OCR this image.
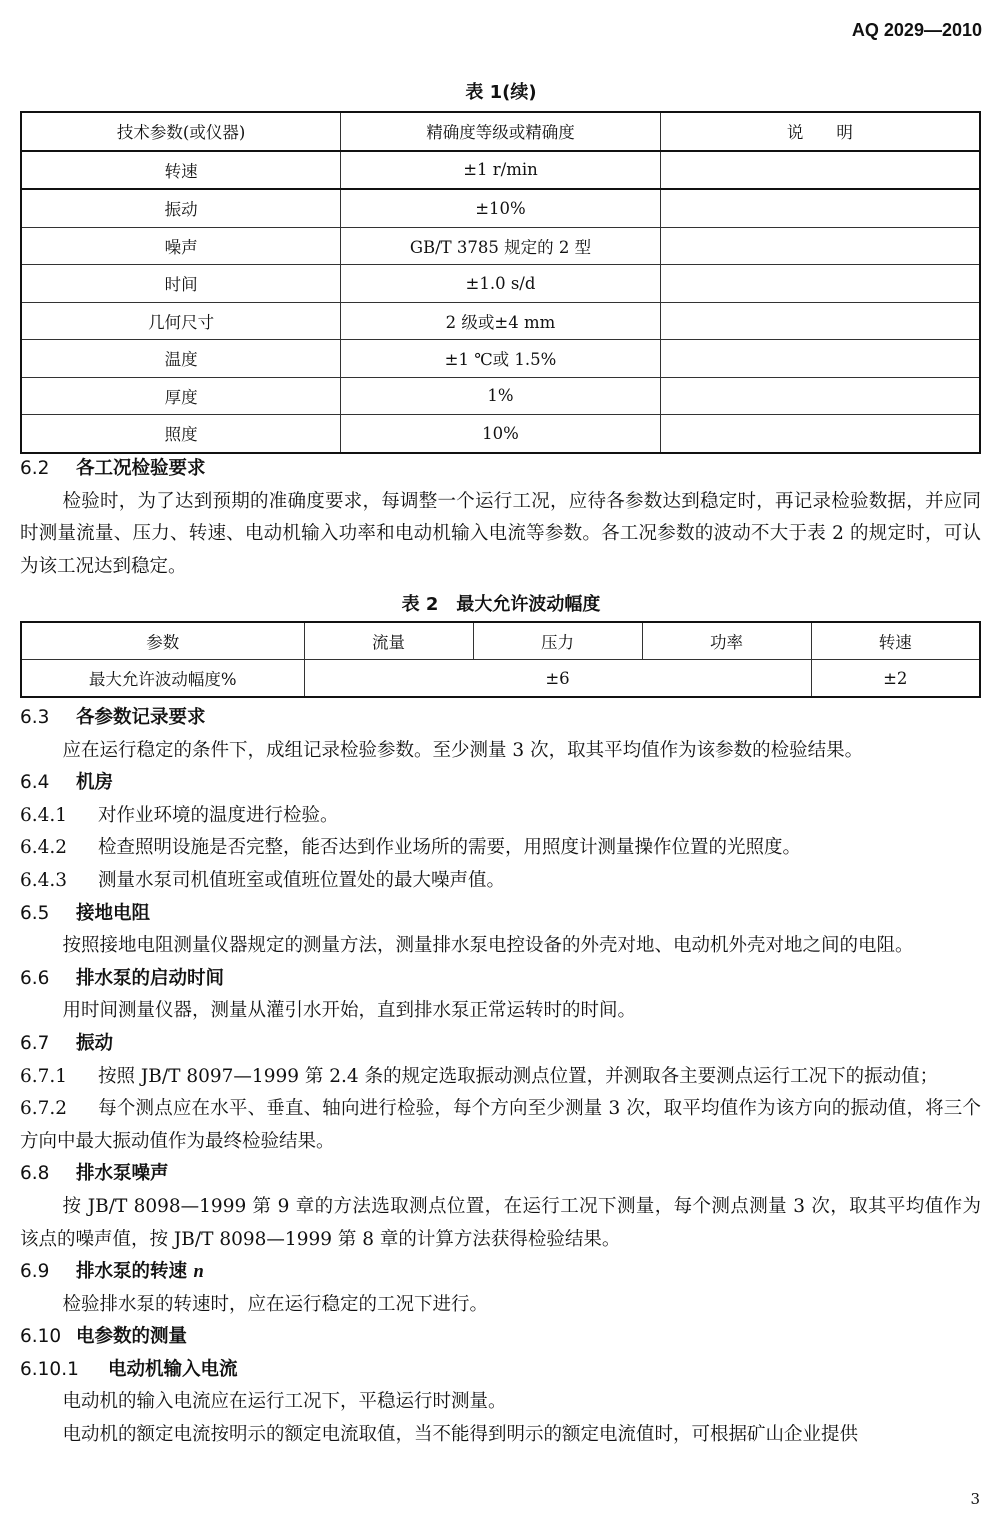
AQ 2029—2010
表 1(续)
技术参数(或仪器)	精确度等级或精确度	说　　明
转速	±1 r/min	
振动	±10%	
噪声	GB/T 3785 规定的 2 型	
时间	±1.0 s/d	
几何尺寸	2 级或±4 mm	
温度	±1 ℃或 1.5%	
厚度	1%	
照度	10%	
6.2 各工况检验要求
检验时，为了达到预期的准确度要求，每调整一个运行工况，应待各参数达到稳定时，再记录检验数据，并应同时测量流量、压力、转速、电动机输入功率和电动机输入电流等参数。各工况参数的波动不大于表 2 的规定时，可认为该工况达到稳定。
表 2　最大允许波动幅度
参数	流量	压力	功率	转速
最大允许波动幅度%	±6			±2
6.3 各参数记录要求
应在运行稳定的条件下，成组记录检验参数。至少测量 3 次，取其平均值作为该参数的检验结果。
6.4 机房
6.4.1 对作业环境的温度进行检验。
6.4.2 检查照明设施是否完整，能否达到作业场所的需要，用照度计测量操作位置的光照度。
6.4.3 测量水泵司机值班室或值班位置处的最大噪声值。
6.5 接地电阻
按照接地电阻测量仪器规定的测量方法，测量排水泵电控设备的外壳对地、电动机外壳对地之间的电阻。
6.6 排水泵的启动时间
用时间测量仪器，测量从灌引水开始，直到排水泵正常运转时的时间。
6.7 振动
6.7.1 按照 JB/T 8097—1999 第 2.4 条的规定选取振动测点位置，并测取各主要测点运行工况下的振动值；
6.7.2 每个测点应在水平、垂直、轴向进行检验，每个方向至少测量 3 次，取平均值作为该方向的振动值，将三个方向中最大振动值作为最终检验结果。
6.8 排水泵噪声
按 JB/T 8098—1999 第 9 章的方法选取测点位置，在运行工况下测量，每个测点测量 3 次，取其平均值作为该点的噪声值，按 JB/T 8098—1999 第 8 章的计算方法获得检验结果。
6.9 排水泵的转速 n
检验排水泵的转速时，应在运行稳定的工况下进行。
6.10 电参数的测量
6.10.1 电动机输入电流
电动机的输入电流应在运行工况下，平稳运行时测量。
电动机的额定电流按明示的额定电流取值，当不能得到明示的额定电流值时，可根据矿山企业提供
3
